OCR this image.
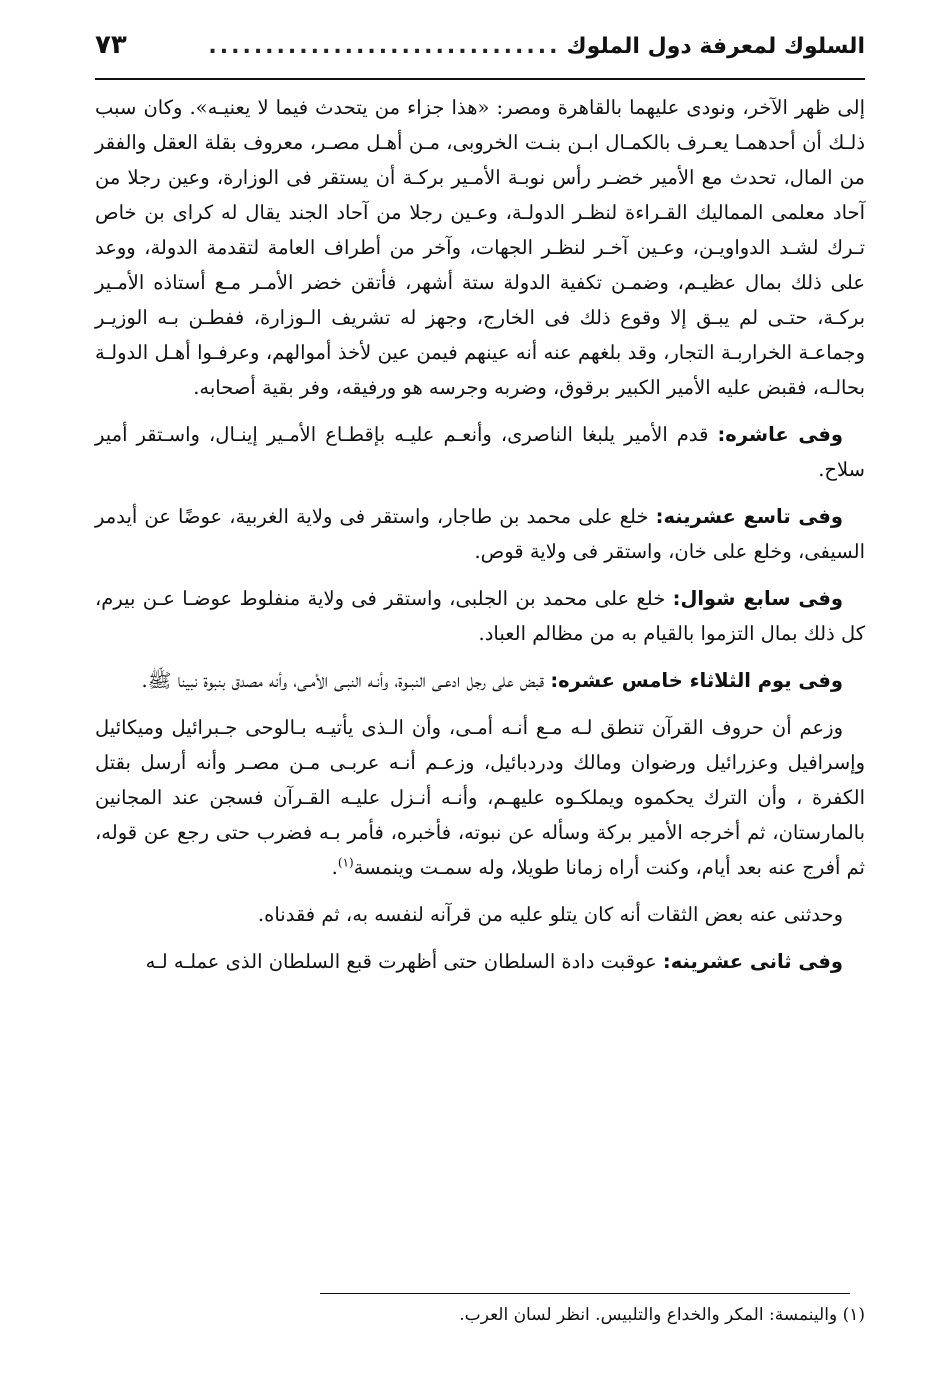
السلوك لمعرفة دول الملوك
...............................
٧٣

إلى ظهر الآخر، ونودى عليهما بالقاهرة ومصر: «هذا جزاء من يتحدث فيما لا يعنيـه». وكان سبب ذلـك أن أحدهمـا يعـرف بالكمـال ابـن بنـت الخروبى، مـن أهـل مصـر، معروف بقلة العقل والفقر من المال، تحدث مع الأمير خضـر رأس نوبـة الأمـير بركـة أن يستقر فى الوزارة، وعين رجلا من آحاد معلمى المماليك القـراءة لنظـر الدولـة، وعـين رجلا من آحاد الجند يقال له كراى بن خاص تـرك لشـد الدواويـن، وعـين آخـر لنظـر الجهات، وآخر من أطراف العامة لتقدمة الدولة، ووعد على ذلك بمال عظيـم، وضمـن تكفية الدولة ستة أشهر، فأتقن خضر الأمـر مـع أستاذه الأمـير بركـة، حتـى لم يبـق إلا وقوع ذلك فى الخارج، وجهز له تشريف الـوزارة، ففطـن بـه الوزيـر وجماعـة الخراربـة التجار، وقد بلغهم عنه أنه عينهم فيمن عين لأخذ أموالهم، وعرفـوا أهـل الدولـة بحالـه، فقبض عليه الأمير الكبير برقوق، وضربه وجرسه هو ورفيقه، وفر بقية أصحابه.

وفى عاشره: قدم الأمير يلبغا الناصرى، وأنعـم عليـه بإقطـاع الأمـير إينـال، واسـتقر أمير سلاح.

وفى تاسع عشرينه: خلع على محمد بن طاجار، واستقر فى ولاية الغربية، عوضًا عن أيدمر السيفى، وخلع على خان، واستقر فى ولاية قوص.

وفى سابع شوال: خلع على محمد بن الجلبى، واستقر فى ولاية منفلوط عوضـا عـن بيرم، كل ذلك بمال التزموا بالقيام به من مظالم العباد.

وفى يوم الثلاثاء خامس عشره: قبض على رجل ادعـى النبـوة، وأنـه النبـى الأمـى، وأنه مصدق بنبوة نبينا ﷺ.

وزعم أن حروف القرآن تنطق لـه مـع أنـه أمـى، وأن الـذى يأتيـه بـالوحى جـبرائيل وميكائيل وإسرافيل وعزرائيل ورضوان ومالك ودردبائيل، وزعـم أنـه عربـى مـن مصـر وأنه أرسل بقتل الكفرة ، وأن الترك يحكموه ويملكـوه عليهـم، وأنـه أنـزل عليـه القـرآن فسجن عند المجانين بالمارستان، ثم أخرجه الأمير بركة وسأله عن نبوته، فأخبره، فأمر بـه فضرب حتى رجع عن قوله، ثم أفرج عنه بعد أيام، وكنت أراه زمانا طويلا، وله سمـت وينمسة$^{(١)}$.

وحدثنى عنه بعض الثقات أنه كان يتلو عليه من قرآنه لنفسه به، ثم فقدناه.

وفى ثانى عشرينه: عوقبت دادة السلطان حتى أظهرت قبع السلطان الذى عملـه لـه

(١) والينمسة: المكر والخداع والتلبيس. انظر لسان العرب.
